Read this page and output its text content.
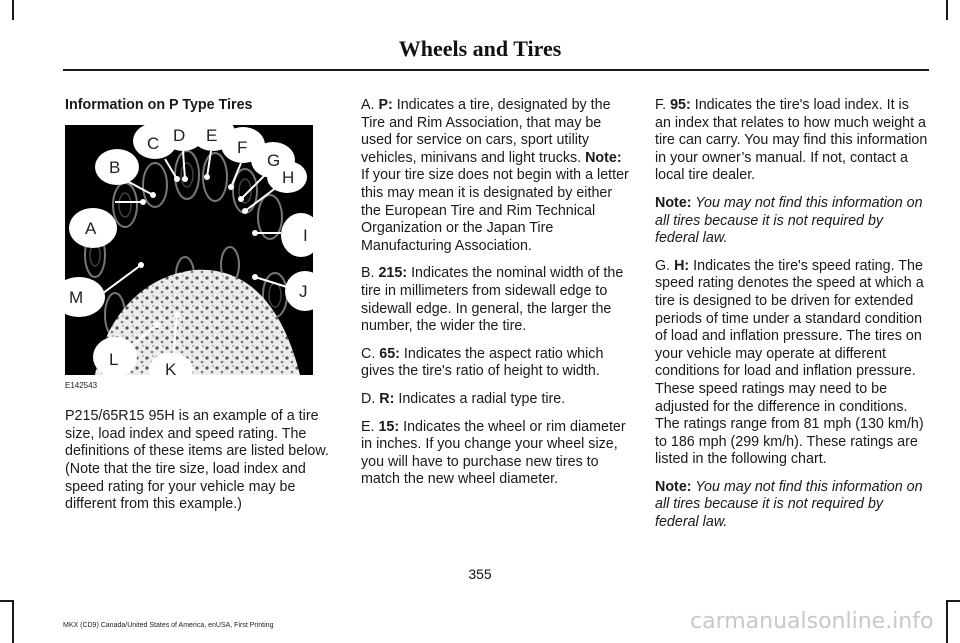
Wheels and Tires

Information on P Type Tires

A
B
C D E
F
G
H
I
J
K
L
M
E142543

P215/65R15 95H is an example of a tire size, load index and speed rating. The definitions of these items are listed below. (Note that the tire size, load index and speed rating for your vehicle may be different from this example.)

A. P: Indicates a tire, designated by the Tire and Rim Association, that may be used for service on cars, sport utility vehicles, minivans and light trucks. Note: If your tire size does not begin with a letter this may mean it is designated by either the European Tire and Rim Technical Organization or the Japan Tire Manufacturing Association.

B. 215: Indicates the nominal width of the tire in millimeters from sidewall edge to sidewall edge. In general, the larger the number, the wider the tire.

C. 65: Indicates the aspect ratio which gives the tire's ratio of height to width.

D. R: Indicates a radial type tire.

E. 15: Indicates the wheel or rim diameter in inches. If you change your wheel size, you will have to purchase new tires to match the new wheel diameter.

F. 95: Indicates the tire's load index. It is an index that relates to how much weight a tire can carry. You may find this information in your owner’s manual. If not, contact a local tire dealer.

Note: You may not find this information on all tires because it is not required by federal law.

G. H: Indicates the tire's speed rating. The speed rating denotes the speed at which a tire is designed to be driven for extended periods of time under a standard condition of load and inflation pressure. The tires on your vehicle may operate at different conditions for load and inflation pressure. These speed ratings may need to be adjusted for the difference in conditions. The ratings range from 81 mph (130 km/h) to 186 mph (299 km/h). These ratings are listed in the following chart.

Note: You may not find this information on all tires because it is not required by federal law.

355
MKX (CD9) Canada/United States of America, enUSA, First Printing	carmanualsonline.info
